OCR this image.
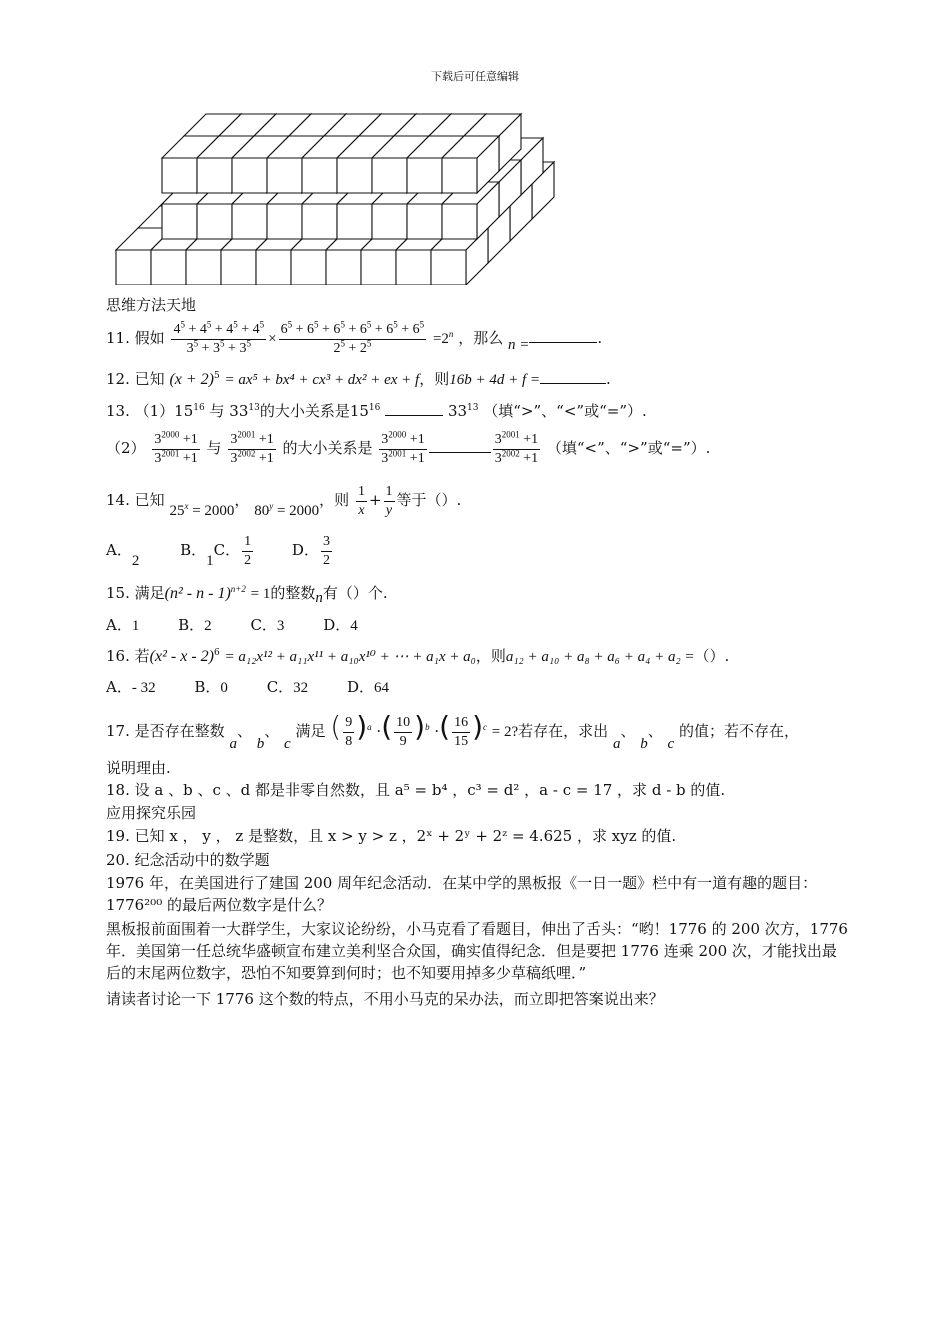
下载后可任意编辑
思维方法天地
11. 假如 $\frac{4^5 + 4^5 + 4^5 + 4^5}{3^5 + 3^5 + 3^5} \times \frac{6^5 + 6^5 + 6^5 + 6^5 + 6^5 + 6^5}{2^5 + 2^5} =2^n$ ，那么 n =	.
12. 已知 $(x + 2)^5 = ax^5 + bx^4 + cx^3 + dx^2$ + ex + f，则16b + 4d + f =	.
13. $(1)15^{16}$ 与 $33^{13}$的大小关系是$15^{16}$	$33^{13}$ （填“>”、“<”或“=”）.
$(2) \frac{3^{2000} +1}{3^{2001} +1}$ 与 $\frac{3^{2001} +1}{3^{2002} +1}$ 的大小关系是 $\frac{3^{2000} +1}{3^{2001} +1}$	$\frac{3^{2001} +1}{3^{2002} +1}$ （填“<”、“>”或“=”）.
14. 已知 $25^x = 2000$， $80^y = 2000$，则 $\frac{1}{x} + \frac{1}{y}$ 等于（）.
A．2 B．1C． $\frac{1}{2}$	D． $\frac{3}{2}$
15. 满足(n² - n - 1)$^{n+2}$ = 1的整数n有（）个.
A．1	B．2	C．3	D．4
16. 若(x² - x - 2)$^6$ = a₁₂x¹² + a₁₁x¹¹ + a₁₀x¹⁰ + ⋯ + a₁x + a₀，则a₁₂ + a₁₀ + a₈ + a₆ + a₄ + a₂ =（）.
A．- 32	B．0	C．32	D．64
17. 是否存在整数 a、 b、 c 满足 ( $\frac{9}{8} )^a$ ·( $\frac{10}{9} )^b$ ·( $\frac{16}{15} )^c = 2$?若存在，求出 a、 b、 c 的值；若不存在，
说明理由.
18. 设 a 、b 、c 、d 都是非零自然数，且 a⁵ = b⁴ ，c³ = d² ，a - c = 17 ，求 d - b 的值.
应用探究乐园
19. 已知 x ， y ， z 是整数，且 x > y > z ，2ˣ + 2ʸ + 2ᶻ = 4.625 ，求 xyz 的值.
20. 纪念活动中的数学题
1976 年，在美国进行了建国 200 周年纪念活动．在某中学的黑板报《一日一题》栏中有一道有趣的题目：1776²⁰⁰ 的最后两位数字是什么？
黑板报前面围着一大群学生，大家议论纷纷，小马克看了看题目，伸出了舌头：“哟！1776 的 200 次方，1776 年．美国第一任总统华盛顿宣布建立美利坚合众国，确实值得纪念．但是要把 1776 连乘 200 次，才能找出最后的末尾两位数字，恐怕不知要算到何时；也不知要用掉多少草稿纸哩．”
请读者讨论一下 1776 这个数的特点，不用小马克的呆办法，而立即把答案说出来？
